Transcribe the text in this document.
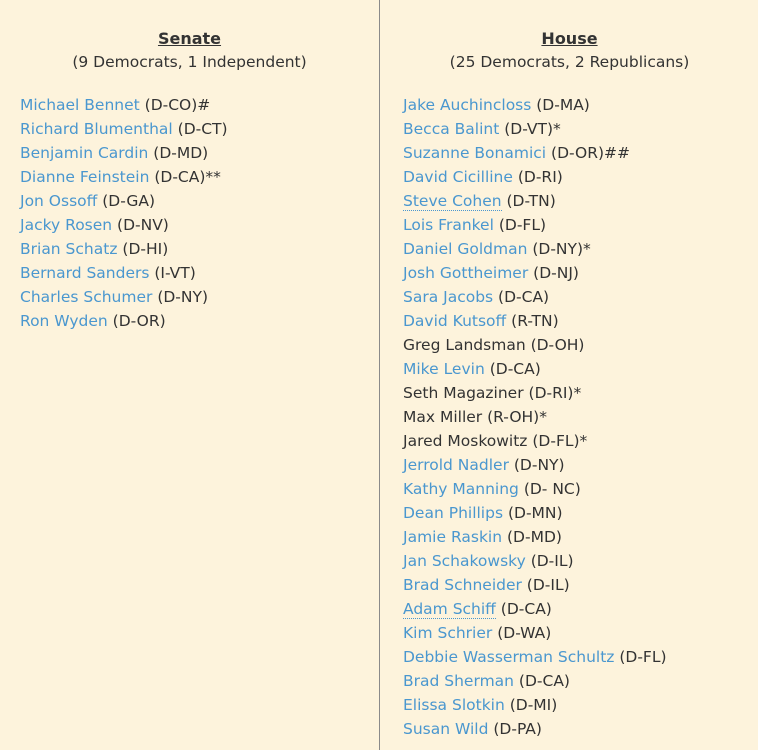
Senate
(9 Democrats, 1 Independent)
Michael Bennet (D-CO)#
Richard Blumenthal (D-CT)
Benjamin Cardin (D-MD)
Dianne Feinstein (D-CA)**
Jon Ossoff (D-GA)
Jacky Rosen (D-NV)
Brian Schatz (D-HI)
Bernard Sanders (I-VT)
Charles Schumer (D-NY)
Ron Wyden (D-OR)
House
(25 Democrats, 2 Republicans)
Jake Auchincloss (D-MA)
Becca Balint (D-VT)*
Suzanne Bonamici (D-OR)##
David Cicilline (D-RI)
Steve Cohen (D-TN)
Lois Frankel (D-FL)
Daniel Goldman (D-NY)*
Josh Gottheimer (D-NJ)
Sara Jacobs (D-CA)
David Kutsoff (R-TN)
Greg Landsman (D-OH)
Mike Levin (D-CA)
Seth Magaziner (D-RI)*
Max Miller (R-OH)*
Jared Moskowitz (D-FL)*
Jerrold Nadler (D-NY)
Kathy Manning (D- NC)
Dean Phillips (D-MN)
Jamie Raskin (D-MD)
Jan Schakowsky (D-IL)
Brad Schneider (D-IL)
Adam Schiff (D-CA)
Kim Schrier (D-WA)
Debbie Wasserman Schultz (D-FL)
Brad Sherman (D-CA)
Elissa Slotkin (D-MI)
Susan Wild (D-PA)
